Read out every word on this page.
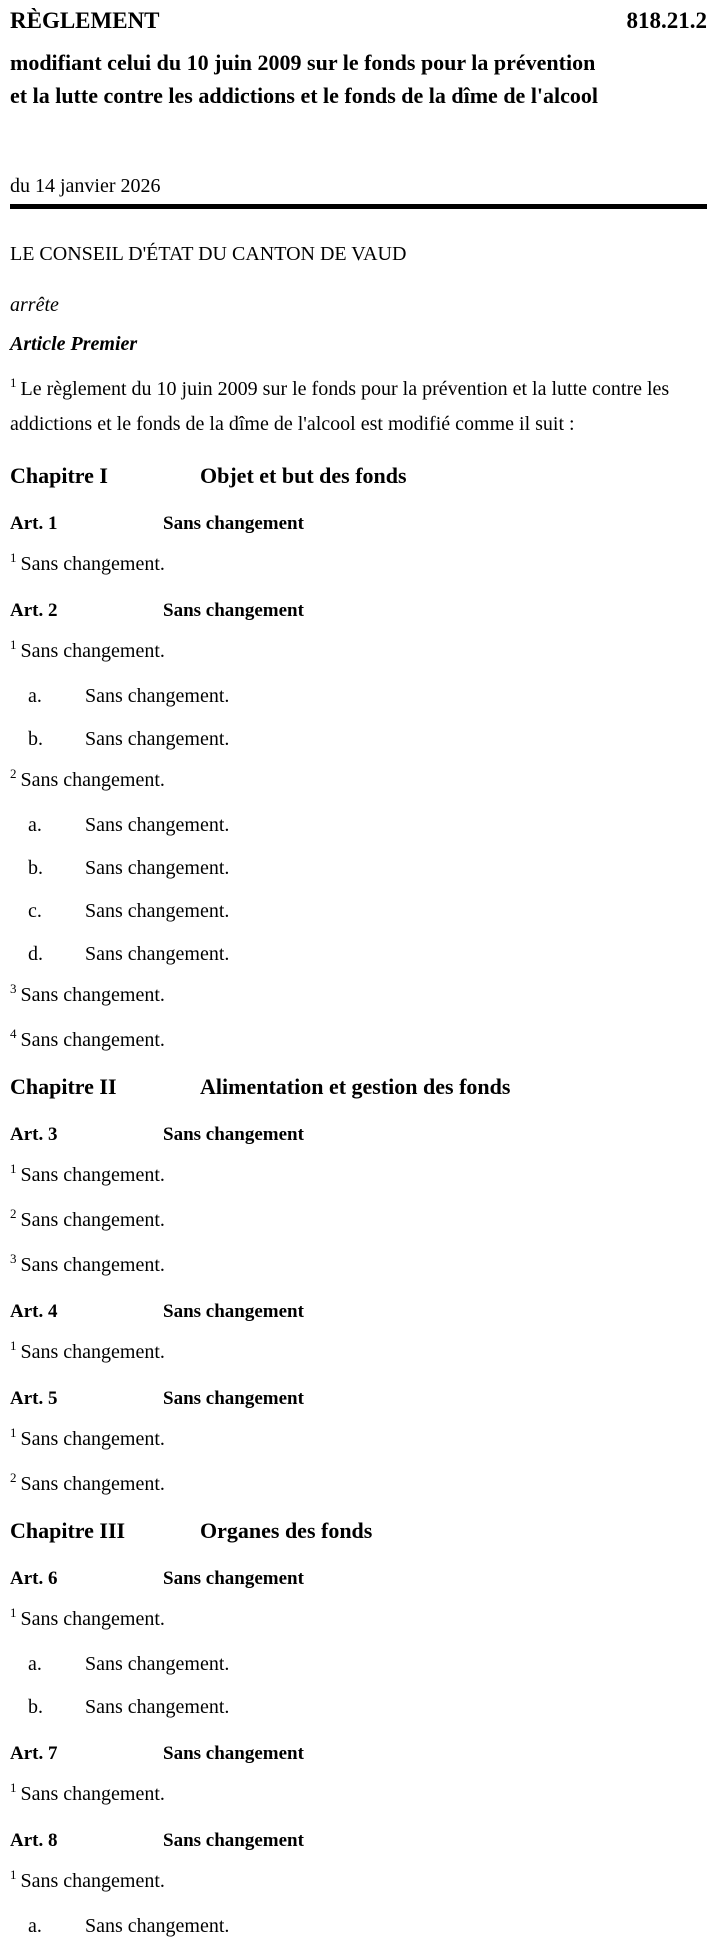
RÈGLEMENT	818.21.2
modifiant celui du 10 juin 2009 sur le fonds pour la prévention et la lutte contre les addictions et le fonds de la dîme de l'alcool
du 14 janvier 2026
LE CONSEIL D'ÉTAT DU CANTON DE VAUD
arrête
Article Premier

$^1$ Le règlement du 10 juin 2009 sur le fonds pour la prévention et la lutte contre les addictions et le fonds de la dîme de l'alcool est modifié comme il suit :

Chapitre I	Objet et but des fonds
Art. 1	Sans changement

$^1$ Sans changement.

Art. 2	Sans changement

$^1$ Sans changement.

a.	Sans changement.
b.	Sans changement.

$^2$ Sans changement.

a.	Sans changement.
b.	Sans changement.
c.	Sans changement.
d.	Sans changement.

$^3$ Sans changement.

$^4$ Sans changement.

Chapitre II	Alimentation et gestion des fonds
Art. 3	Sans changement

$^1$ Sans changement.

$^2$ Sans changement.

$^3$ Sans changement.

Art. 4	Sans changement

$^1$ Sans changement.

Art. 5	Sans changement

$^1$ Sans changement.

$^2$ Sans changement.

Chapitre III	Organes des fonds
Art. 6	Sans changement

$^1$ Sans changement.

a.	Sans changement.
b.	Sans changement.
Art. 7	Sans changement

$^1$ Sans changement.

Art. 8	Sans changement

$^1$ Sans changement.

a.	Sans changement.
